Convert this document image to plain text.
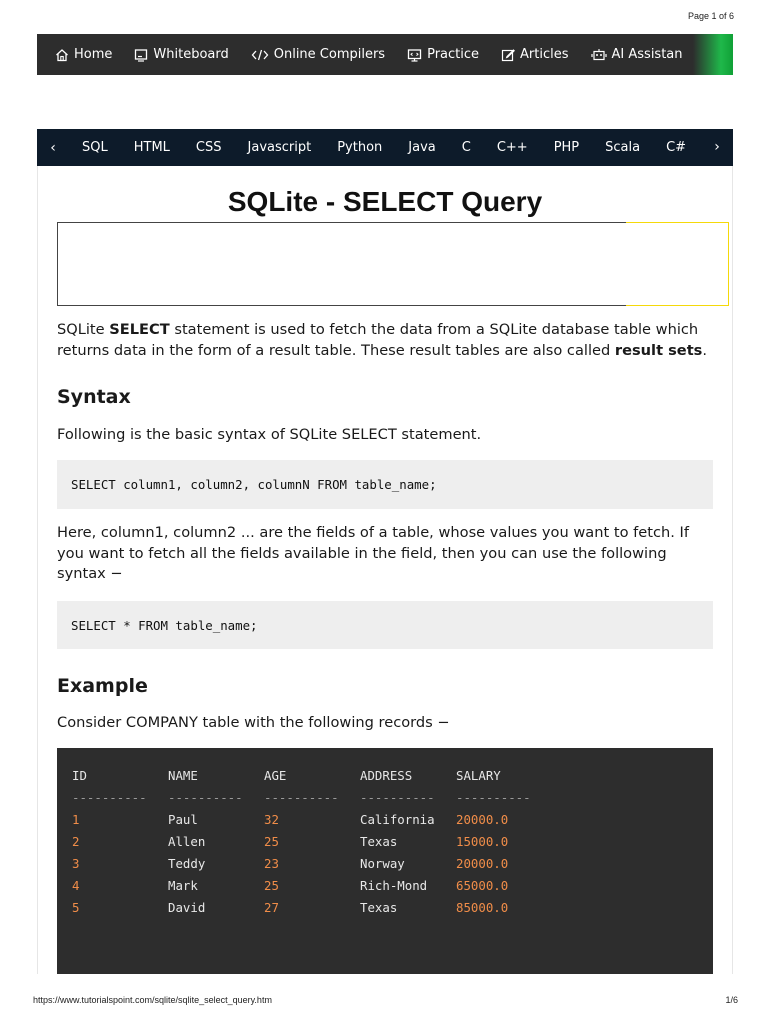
Page 1 of 6
Home	Whiteboard	Online Compilers	Practice	Articles	AI Assistan
‹	SQL	HTML	CSS	Javascript	Python	Java	C	C++	PHP	Scala	C#	›
SQLite - SELECT Query

SQLite SELECT statement is used to fetch the data from a SQLite database table which returns data in the form of a result table. These result tables are also called result sets.

Syntax

Following is the basic syntax of SQLite SELECT statement.

SELECT column1, column2, columnN FROM table_name;

Here, column1, column2 ... are the fields of a table, whose values you want to fetch. If you want to fetch all the fields available in the field, then you can use the following syntax −

SELECT * FROM table_name;
Example

Consider COMPANY table with the following records −

ID	NAME	AGE	ADDRESS	SALARY
----------	----------	----------	----------	----------
1	Paul	32	California	20000.0
2	Allen	25	Texas	15000.0
3	Teddy	23	Norway	20000.0
4	Mark	25	Rich-Mond	65000.0
5	David	27	Texas	85000.0
https://www.tutorialspoint.com/sqlite/sqlite_select_query.htm	1/6
